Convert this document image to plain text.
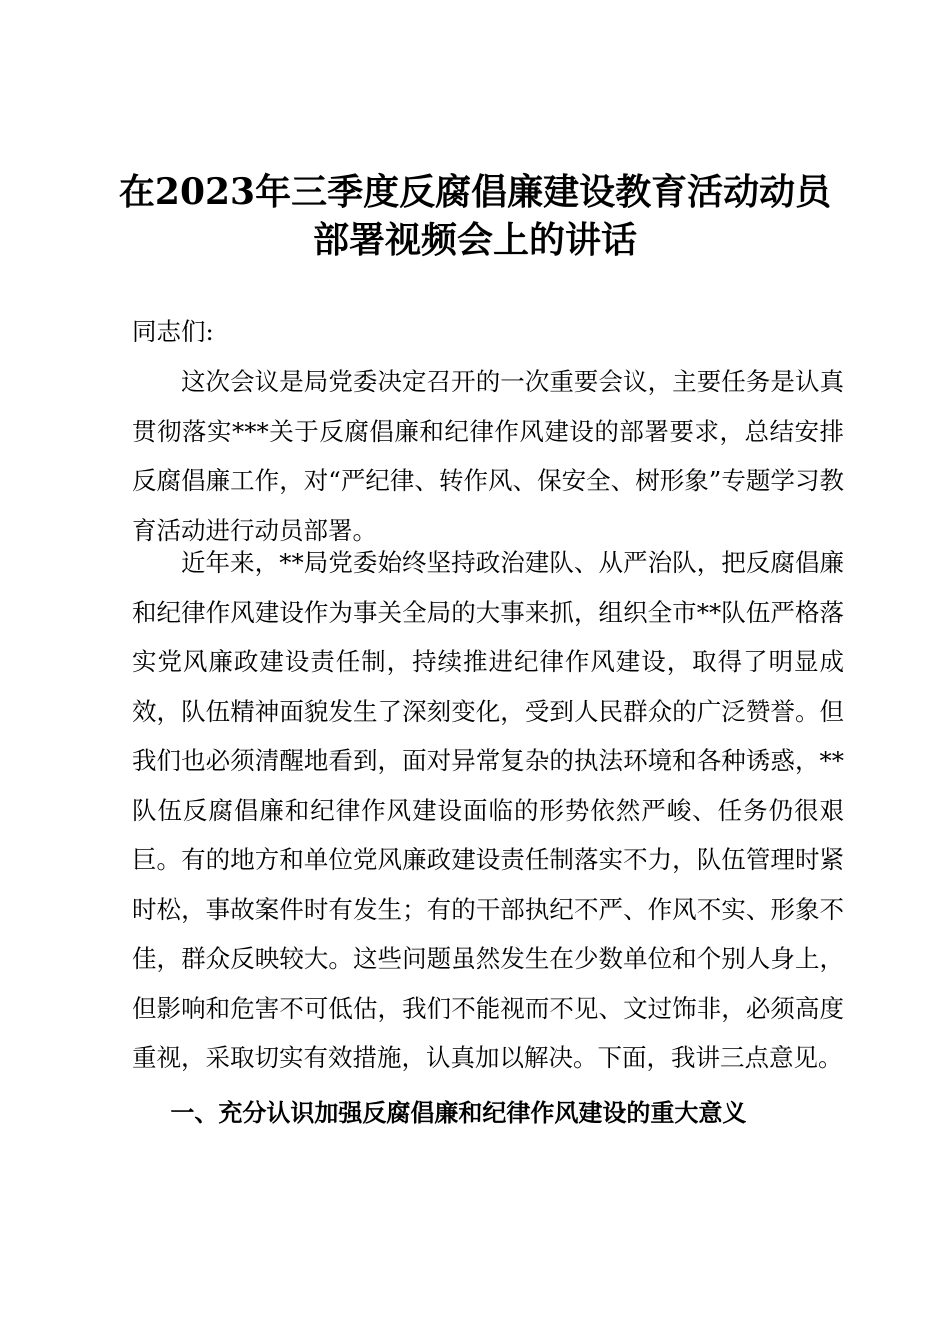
在2023年三季度反腐倡廉建设教育活动动员部署视频会上的讲话

同志们:

这次会议是局党委决定召开的一次重要会议，主要任务是认真贯彻落实***关于反腐倡廉和纪律作风建设的部署要求，总结安排反腐倡廉工作，对“严纪律、转作风、保安全、树形象”专题学习教育活动进行动员部署。

近年来，**局党委始终坚持政治建队、从严治队，把反腐倡廉和纪律作风建设作为事关全局的大事来抓，组织全市**队伍严格落实党风廉政建设责任制，持续推进纪律作风建设，取得了明显成效，队伍精神面貌发生了深刻变化，受到人民群众的广泛赞誉。但我们也必须清醒地看到，面对异常复杂的执法环境和各种诱惑，**队伍反腐倡廉和纪律作风建设面临的形势依然严峻、任务仍很艰巨。有的地方和单位党风廉政建设责任制落实不力，队伍管理时紧时松，事故案件时有发生；有的干部执纪不严、作风不实、形象不佳，群众反映较大。这些问题虽然发生在少数单位和个别人身上，但影响和危害不可低估，我们不能视而不见、文过饰非，必须高度重视，采取切实有效措施，认真加以解决。下面，我讲三点意见。

一、充分认识加强反腐倡廉和纪律作风建设的重大意义
